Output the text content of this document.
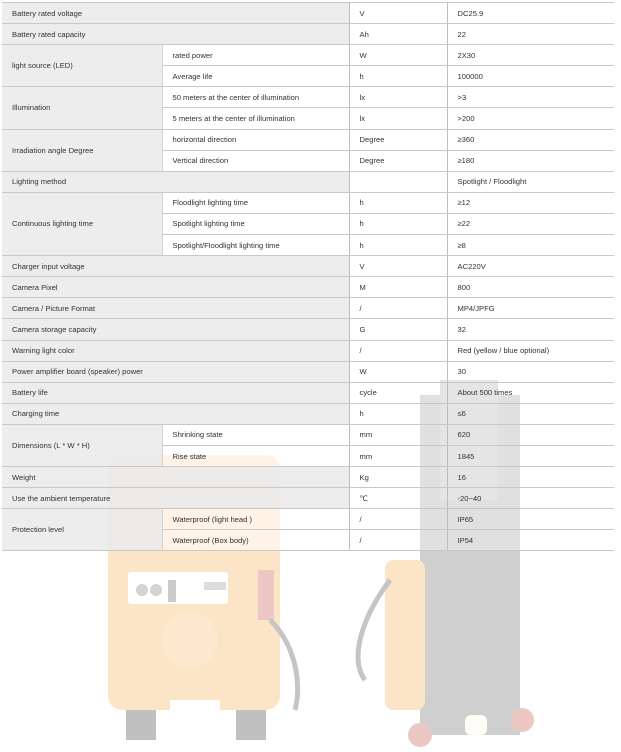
Battery rated voltage		V	DC25.9
Battery rated capacity		Ah	22
light source (LED)	rated power	W	2X30
	Average life	h	100000
Illumination	50 meters at the center of illumination	lx	>3
	5 meters at the center of illumination	lx	>200
Irradiation angle Degree	horizontal direction	Degree	≥360
	Vertical direction	Degree	≥180
Lighting method			Spotlight / Floodlight
Continuous lighting time	Floodlight lighting time	h	≥12
	Spotlight lighting time	h	≥22
	Spotlight/Floodlight lighting time	h	≥8
Charger input voltage		V	AC220V
Camera Pixel		M	800
Camera / Picture Format		/	MP4/JPFG
Camera storage capacity		G	32
Warning light color		/	Red (yellow / blue optional)
Power amplifier board (speaker) power		W	30
Battery life		cycle	About 500 times
Charging time		h	≤6
Dimensions (L * W * H)	Shrinking state	mm	620
	Rise state	mm	1845
Weight		Kg	16
Use the ambient temperature		℃	-20~40
Protection level	Waterproof (light head )	/	IP65
	Waterproof (Box body)	/	IP54
